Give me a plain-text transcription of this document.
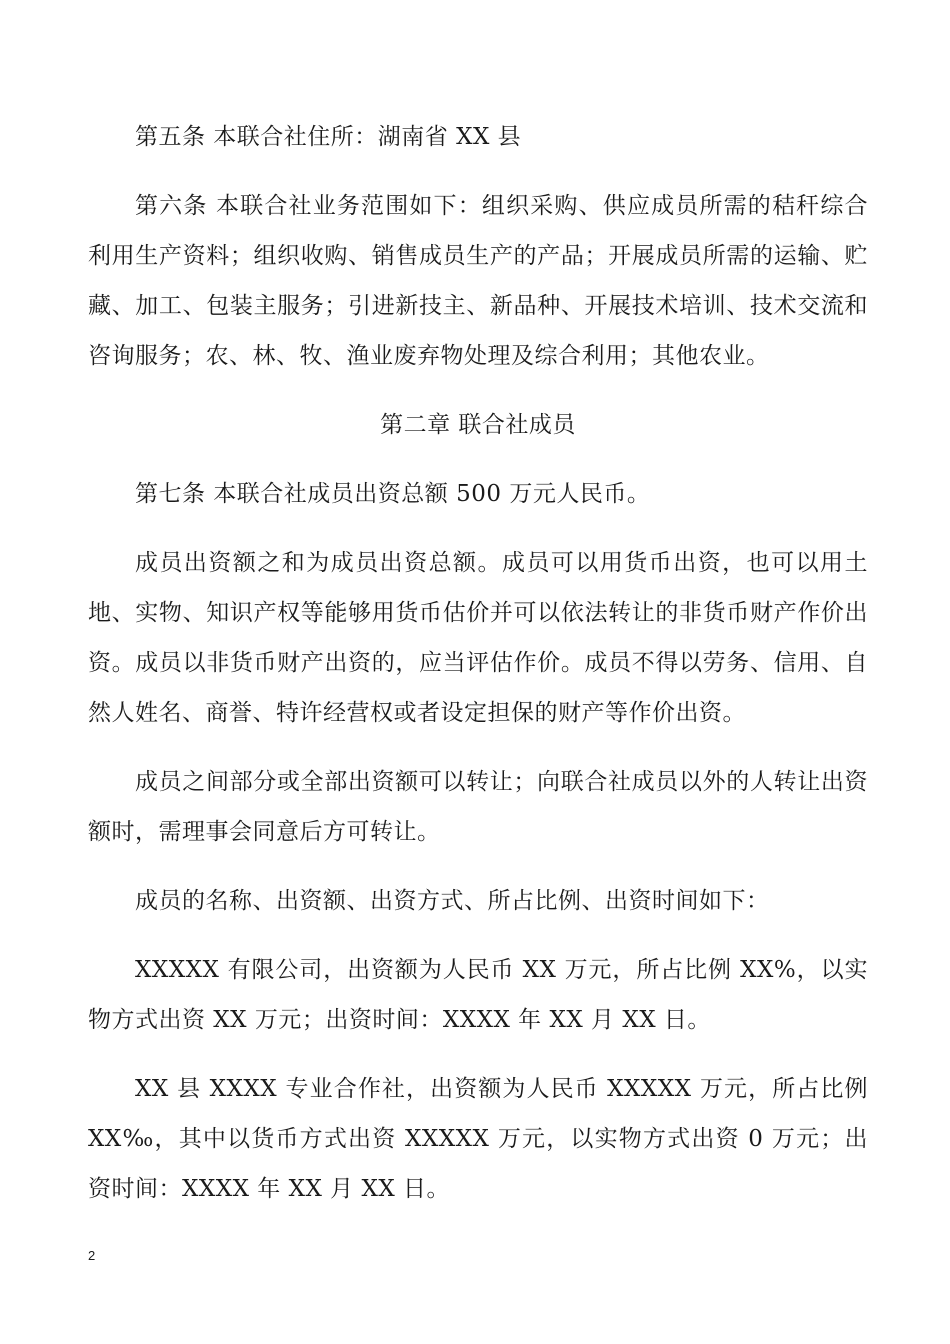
第五条 本联合社住所：湖南省 XX 县

第六条 本联合社业务范围如下：组织采购、供应成员所需的秸秆综合利用生产资料；组织收购、销售成员生产的产品；开展成员所需的运输、贮藏、加工、包装主服务；引进新技主、新品种、开展技术培训、技术交流和咨询服务；农、林、牧、渔业废弃物处理及综合利用；其他农业。

第二章 联合社成员

第七条 本联合社成员出资总额 500 万元人民币。

成员出资额之和为成员出资总额。成员可以用货币出资，也可以用土地、实物、知识产权等能够用货币估价并可以依法转让的非货币财产作价出资。成员以非货币财产出资的，应当评估作价。成员不得以劳务、信用、自然人姓名、商誉、特许经营权或者设定担保的财产等作价出资。

成员之间部分或全部出资额可以转让；向联合社成员以外的人转让出资额时，需理事会同意后方可转让。

成员的名称、出资额、出资方式、所占比例、出资时间如下：

XXXXX 有限公司，出资额为人民币 XX 万元，所占比例 XX%，以实物方式出资 XX 万元；出资时间：XXXX 年 XX 月 XX 日。

XX 县 XXXX 专业合作社，出资额为人民币 XXXXX 万元，所占比例 XX‰，其中以货币方式出资 XXXXX 万元，以实物方式出资 0 万元；出资时间：XXXX 年 XX 月 XX 日。

2
